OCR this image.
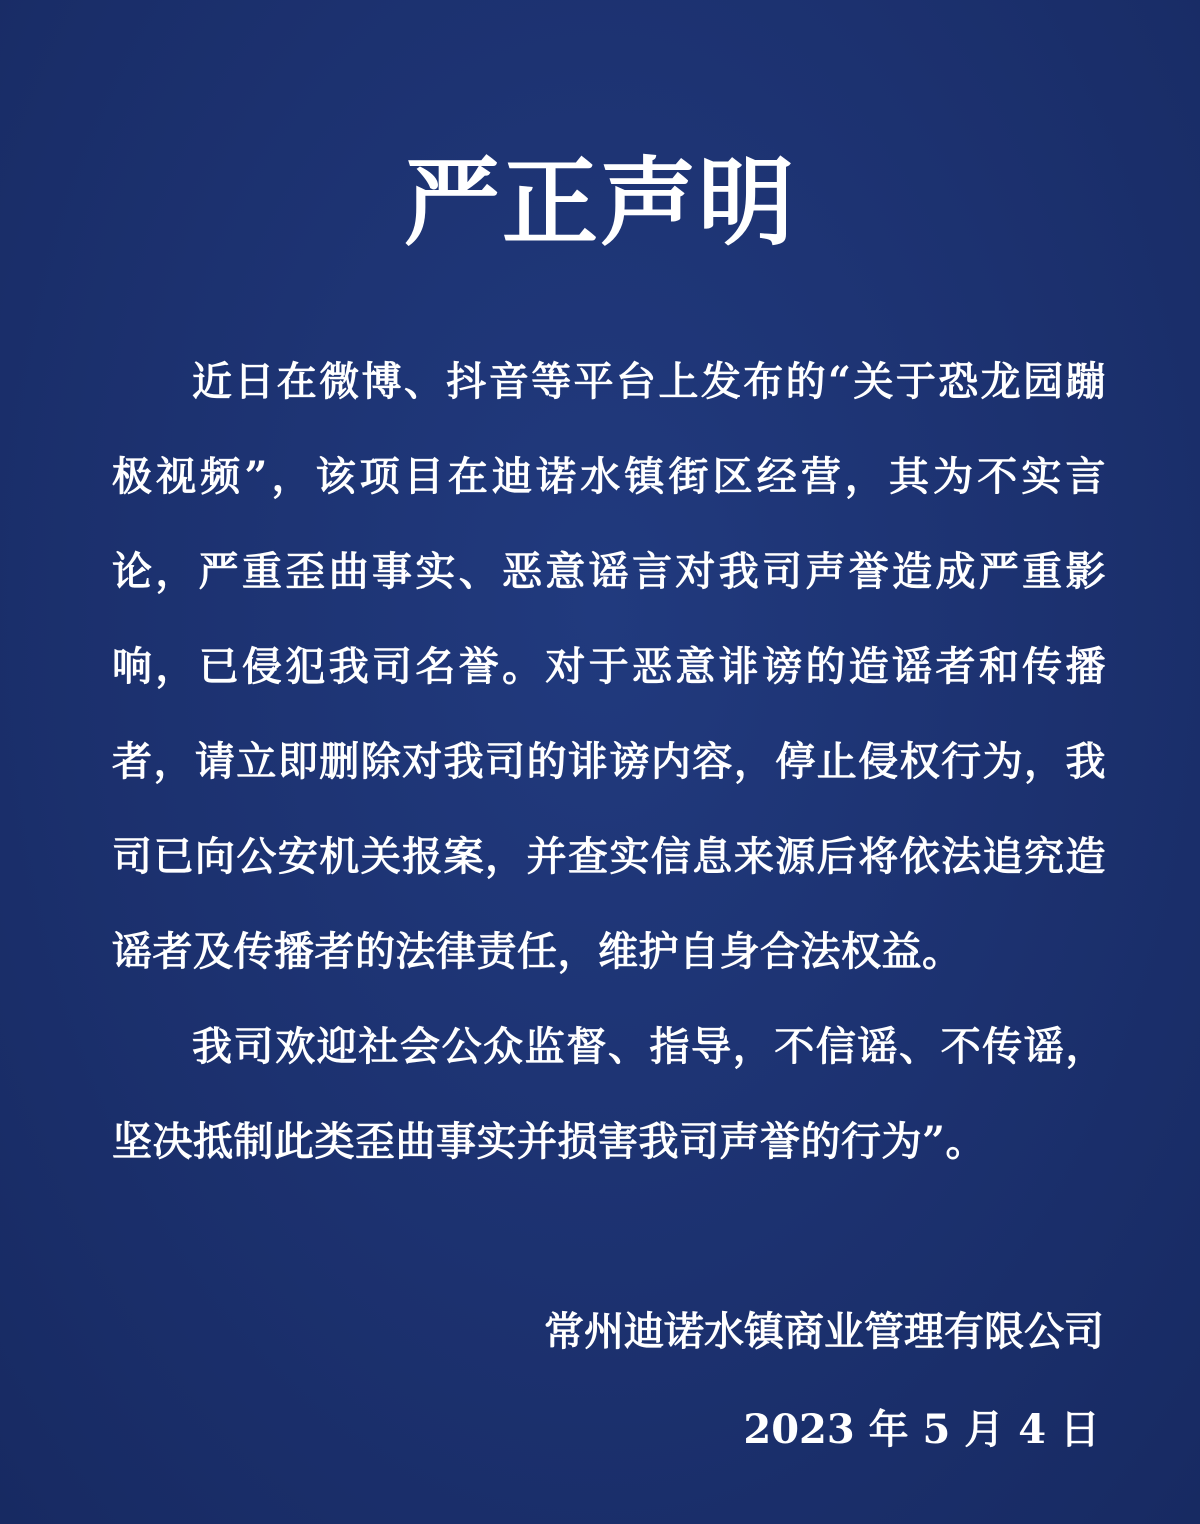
严正声明

近日在微博、抖音等平台上发布的“关于恐龙园蹦极视频”，该项目在迪诺水镇街区经营，其为不实言论，严重歪曲事实、恶意谣言对我司声誉造成严重影响，已侵犯我司名誉。对于恶意诽谤的造谣者和传播者，请立即删除对我司的诽谤内容，停止侵权行为，我司已向公安机关报案，并查实信息来源后将依法追究造谣者及传播者的法律责任，维护自身合法权益。

我司欢迎社会公众监督、指导，不信谣、不传谣，坚决抵制此类歪曲事实并损害我司声誉的行为”。

常州迪诺水镇商业管理有限公司
2023 年 5 月 4 日
